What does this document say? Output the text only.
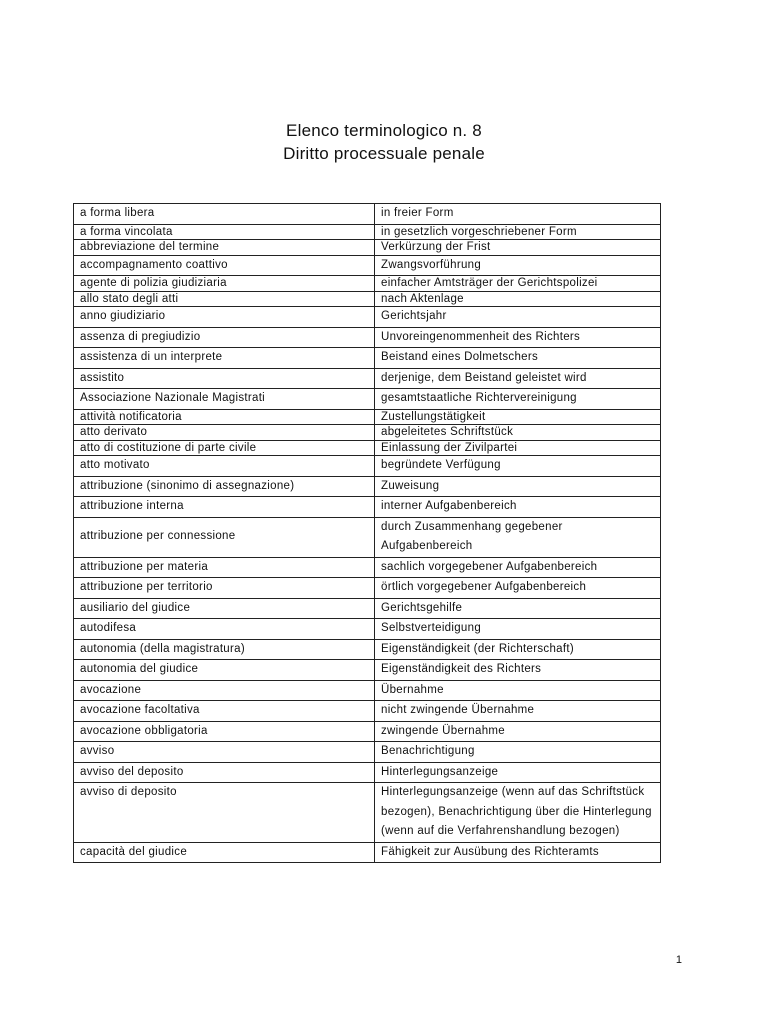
Elenco terminologico n. 8
Diritto processuale penale
a forma libera	in freier Form
a forma vincolata	in gesetzlich vorgeschriebener Form
abbreviazione del termine	Verkürzung der Frist
accompagnamento coattivo	Zwangsvorführung
agente di polizia giudiziaria	einfacher Amtsträger der Gerichtspolizei
allo stato degli atti	nach Aktenlage
anno giudiziario	Gerichtsjahr
assenza di pregiudizio	Unvoreingenommenheit des Richters
assistenza di un interprete	Beistand eines Dolmetschers
assistito	derjenige, dem Beistand geleistet wird
Associazione Nazionale Magistrati	gesamtstaatliche Richtervereinigung
attività notificatoria	Zustellungstätigkeit
atto derivato	abgeleitetes Schriftstück
atto di costituzione di parte civile	Einlassung der Zivilpartei
atto motivato	begründete Verfügung
attribuzione (sinonimo di assegnazione)	Zuweisung
attribuzione interna	interner Aufgabenbereich
attribuzione per connessione	durch Zusammenhang gegebener Aufgabenbereich
attribuzione per materia	sachlich vorgegebener Aufgabenbereich
attribuzione per territorio	örtlich vorgegebener Aufgabenbereich
ausiliario del giudice	Gerichtsgehilfe
autodifesa	Selbstverteidigung
autonomia (della magistratura)	Eigenständigkeit (der Richterschaft)
autonomia del giudice	Eigenständigkeit des Richters
avocazione	Übernahme
avocazione facoltativa	nicht zwingende Übernahme
avocazione obbligatoria	zwingende Übernahme
avviso	Benachrichtigung
avviso del deposito	Hinterlegungsanzeige
avviso di deposito	Hinterlegungsanzeige (wenn auf das Schriftstück bezogen), Benachrichtigung über die Hinterlegung (wenn auf die Verfahrenshandlung bezogen)
capacità del giudice	Fähigkeit zur Ausübung des Richteramts
1
